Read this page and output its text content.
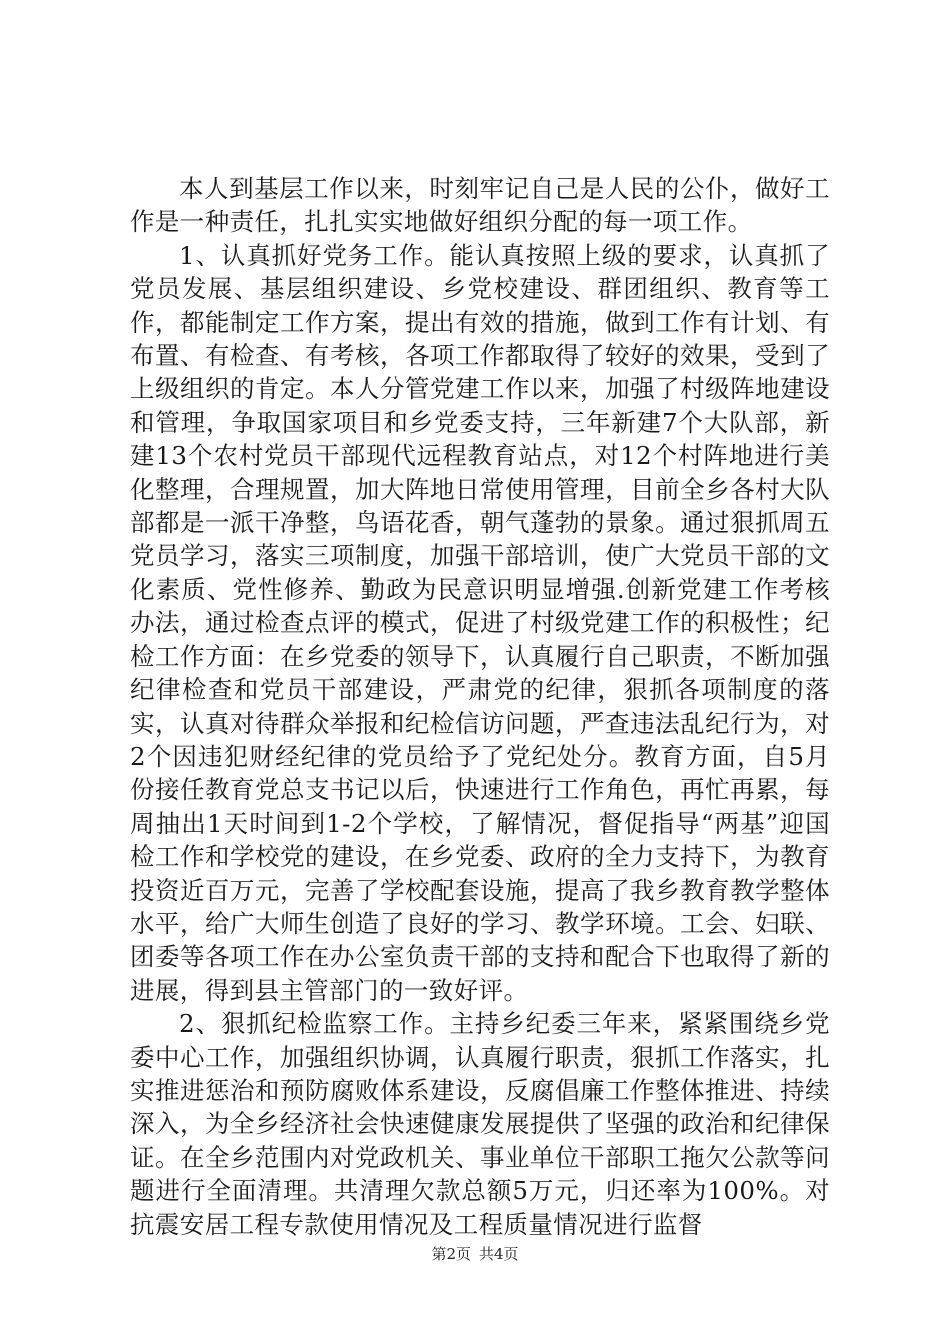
本人到基层工作以来，时刻牢记自己是人民的公仆，做好工作是一种责任，扎扎实实地做好组织分配的每一项工作。

1、认真抓好党务工作。能认真按照上级的要求，认真抓了党员发展、基层组织建设、乡党校建设、群团组织、教育等工作，都能制定工作方案，提出有效的措施，做到工作有计划、有布置、有检查、有考核，各项工作都取得了较好的效果，受到了上级组织的肯定。本人分管党建工作以来，加强了村级阵地建设和管理，争取国家项目和乡党委支持，三年新建7个大队部，新建13个农村党员干部现代远程教育站点，对12个村阵地进行美化整理，合理规置，加大阵地日常使用管理，目前全乡各村大队部都是一派干净整，鸟语花香，朝气蓬勃的景象。通过狠抓周五党员学习，落实三项制度，加强干部培训，使广大党员干部的文化素质、党性修养、勤政为民意识明显增强.创新党建工作考核办法，通过检查点评的模式，促进了村级党建工作的积极性；纪检工作方面：在乡党委的领导下，认真履行自己职责，不断加强纪律检查和党员干部建设，严肃党的纪律，狠抓各项制度的落实，认真对待群众举报和纪检信访问题，严查违法乱纪行为，对2个因违犯财经纪律的党员给予了党纪处分。教育方面，自5月份接任教育党总支书记以后，快速进行工作角色，再忙再累，每周抽出1天时间到1-2个学校，了解情况，督促指导“两基”迎国检工作和学校党的建设，在乡党委、政府的全力支持下，为教育投资近百万元，完善了学校配套设施，提高了我乡教育教学整体水平，给广大师生创造了良好的学习、教学环境。工会、妇联、团委等各项工作在办公室负责干部的支持和配合下也取得了新的进展，得到县主管部门的一致好评。

2、狠抓纪检监察工作。主持乡纪委三年来，紧紧围绕乡党委中心工作，加强组织协调，认真履行职责，狠抓工作落实，扎实推进惩治和预防腐败体系建设，反腐倡廉工作整体推进、持续深入，为全乡经济社会快速健康发展提供了坚强的政治和纪律保证。在全乡范围内对党政机关、事业单位干部职工拖欠公款等问题进行全面清理。共清理欠款总额5万元，归还率为100%。对抗震安居工程专款使用情况及工程质量情况进行监督

第2页 共4页
